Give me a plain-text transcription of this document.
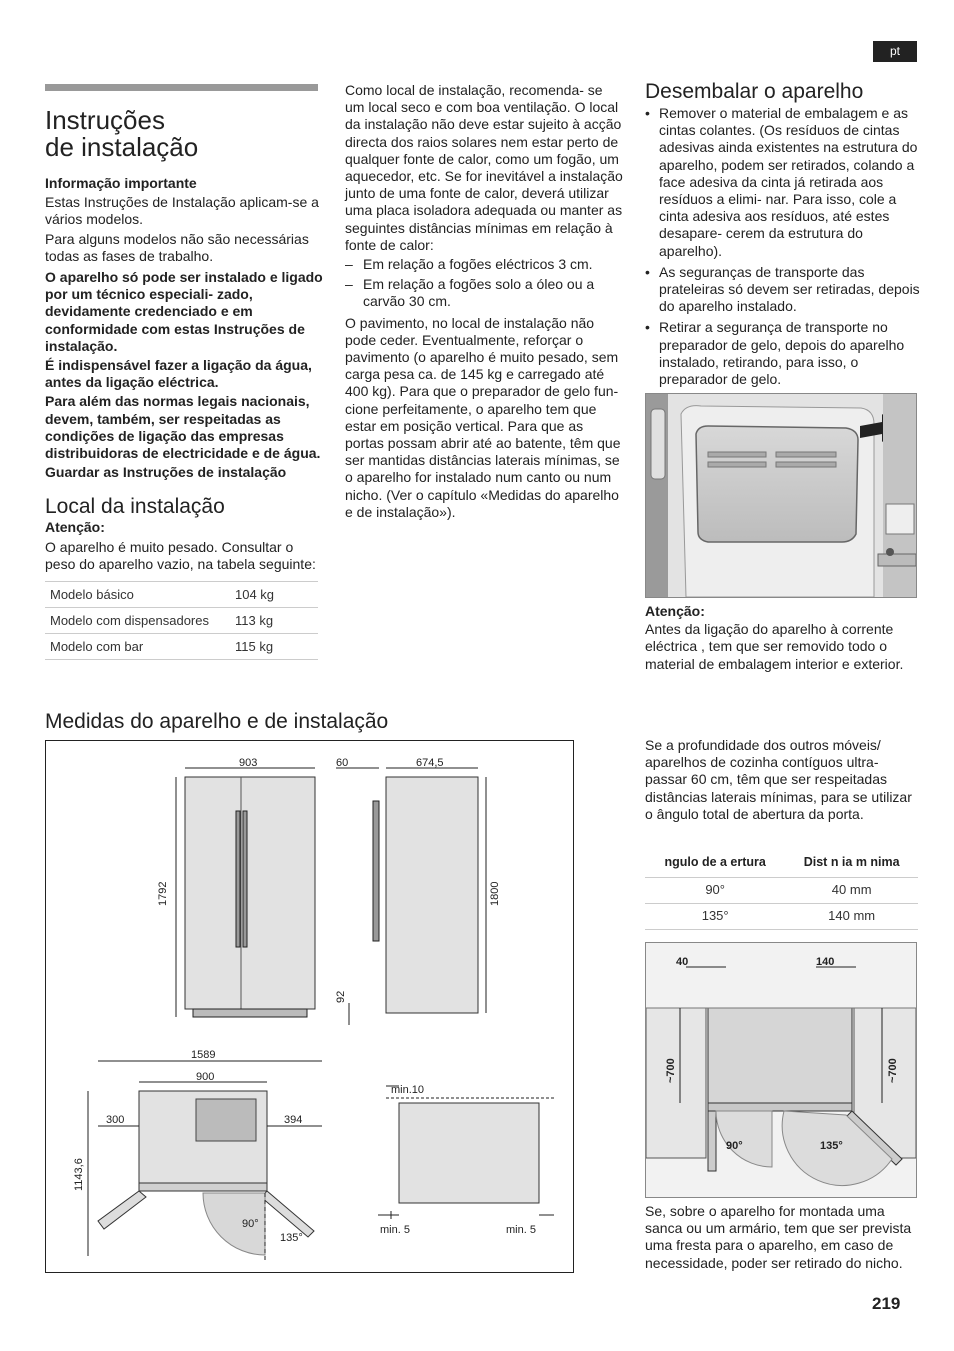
pt
Instruções
de instalação

Informação importante

Estas Instruções de Instalação aplicam-se a vários modelos.

Para alguns modelos não são necessárias todas as fases de trabalho.

O aparelho só pode ser instalado e ligado por um técnico especiali- zado, devidamente credenciado e em conformidade com estas Instruções de instalação.

É indispensável fazer a ligação da água, antes da ligação eléctrica.

Para além das normas legais nacionais, devem, também, ser respeitadas as condições de ligação das empresas distribuidoras de electricidade e de água.

Guardar as Instruções de instalação

Local da instalação

Atenção:

O aparelho é muito pesado. Consultar o peso do aparelho vazio, na tabela seguinte:

Modelo básico	104 kg
Modelo com dispensadores	113 kg
Modelo com bar	115 kg

Como local de instalação, recomenda- se um local seco e com boa ventilação. O local da instalação não deve estar sujeito à acção directa dos raios solares nem estar perto de qualquer fonte de calor, como um fogão, um aquecedor, etc. Se for inevitável a instalação junto de uma fonte de calor, deverá utilizar uma placa isoladora adequada ou manter as seguintes distâncias mínimas em relação à fonte de calor:

– Em relação a fogões eléctricos 3 cm.
– Em relação a fogões solo a óleo ou a carvão 30 cm.

O pavimento, no local de instalação não pode ceder. Eventualmente, reforçar o pavimento (o aparelho é muito pesado, sem carga pesa ca. de 145 kg e carregado até 400 kg). Para que o preparador de gelo fun- cione perfeitamente, o aparelho tem que estar em posição vertical. Para que as portas possam abrir até ao batente, têm que ser mantidas distâncias laterais mínimas, se o aparelho for instalado num canto ou num nicho. (Ver o capítulo «Medidas do aparelho e de instalação»).

Desembalar o aparelho
• Remover o material de embalagem e as cintas colantes. (Os resíduos de cintas adesivas ainda existentes na estrutura do aparelho, podem ser retirados, colando a face adesiva da cinta já retirada aos resíduos a elimi- nar. Para isso, cole a cinta adesiva aos resíduos, até estes desapare- cerem da estrutura do aparelho).
• As seguranças de transporte das prateleiras só devem ser retiradas, depois do aparelho instalado.
• Retirar a segurança de transporte no preparador de gelo, depois do aparelho instalado, retirando, para isso, o preparador de gelo.

Atenção:

Antes da ligação do aparelho à corrente eléctrica , tem que ser removido todo o material de embalagem interior e exterior.

Medidas do aparelho e de instalação
903
1792
60	674,5
1800
92
1589
900
300	394
1143,6
90°
135°
min.10
min. 5	min. 5

Se a profundidade dos outros móveis/ aparelhos de cozinha contíguos ultra- passar 60 cm, têm que ser respeitadas distâncias laterais mínimas, para se utilizar o ângulo total de abertura da porta.

ngulo de a ertura	Dist n ia m nima
90°	40 mm
135°	140 mm
~700	~700
40	140
90°	135°

Se, sobre o aparelho for montada uma sanca ou um armário, tem que ser prevista uma fresta para o aparelho, em caso de necessidade, poder ser retirado do nicho.

219
